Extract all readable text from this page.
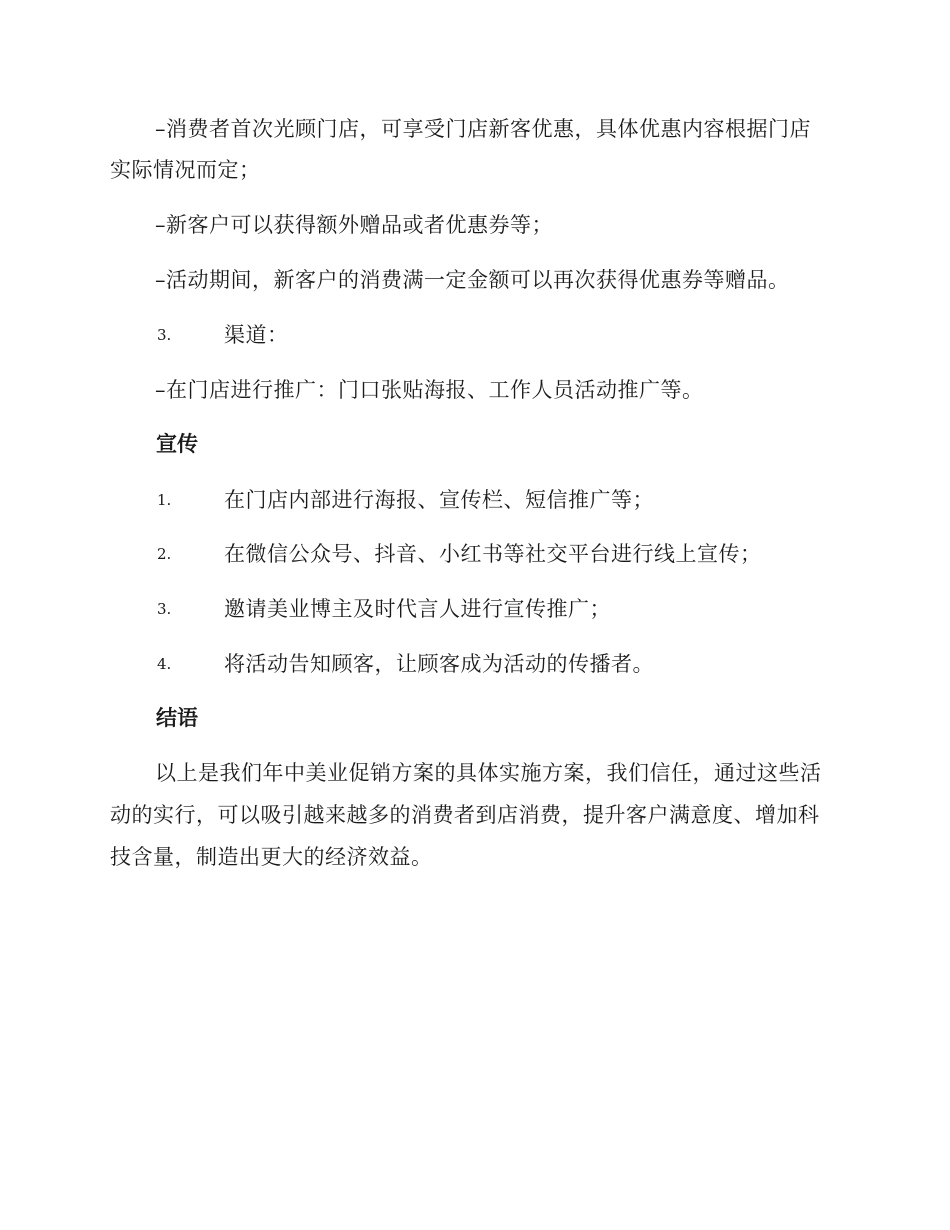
–消费者首次光顾门店，可享受门店新客优惠，具体优惠内容根据门店
实际情况而定；
–新客户可以获得额外赠品或者优惠券等；
–活动期间，新客户的消费满一定金额可以再次获得优惠券等赠品。
3.	渠道：
–在门店进行推广：门口张贴海报、工作人员活动推广等。
宣传
1.	在门店内部进行海报、宣传栏、短信推广等；
2.	在微信公众号、抖音、小红书等社交平台进行线上宣传；
3.	邀请美业博主及时代言人进行宣传推广；
4.	将活动告知顾客，让顾客成为活动的传播者。
结语
以上是我们年中美业促销方案的具体实施方案，我们信任，通过这些活
动的实行，可以吸引越来越多的消费者到店消费，提升客户满意度、增加科
技含量，制造出更大的经济效益。
